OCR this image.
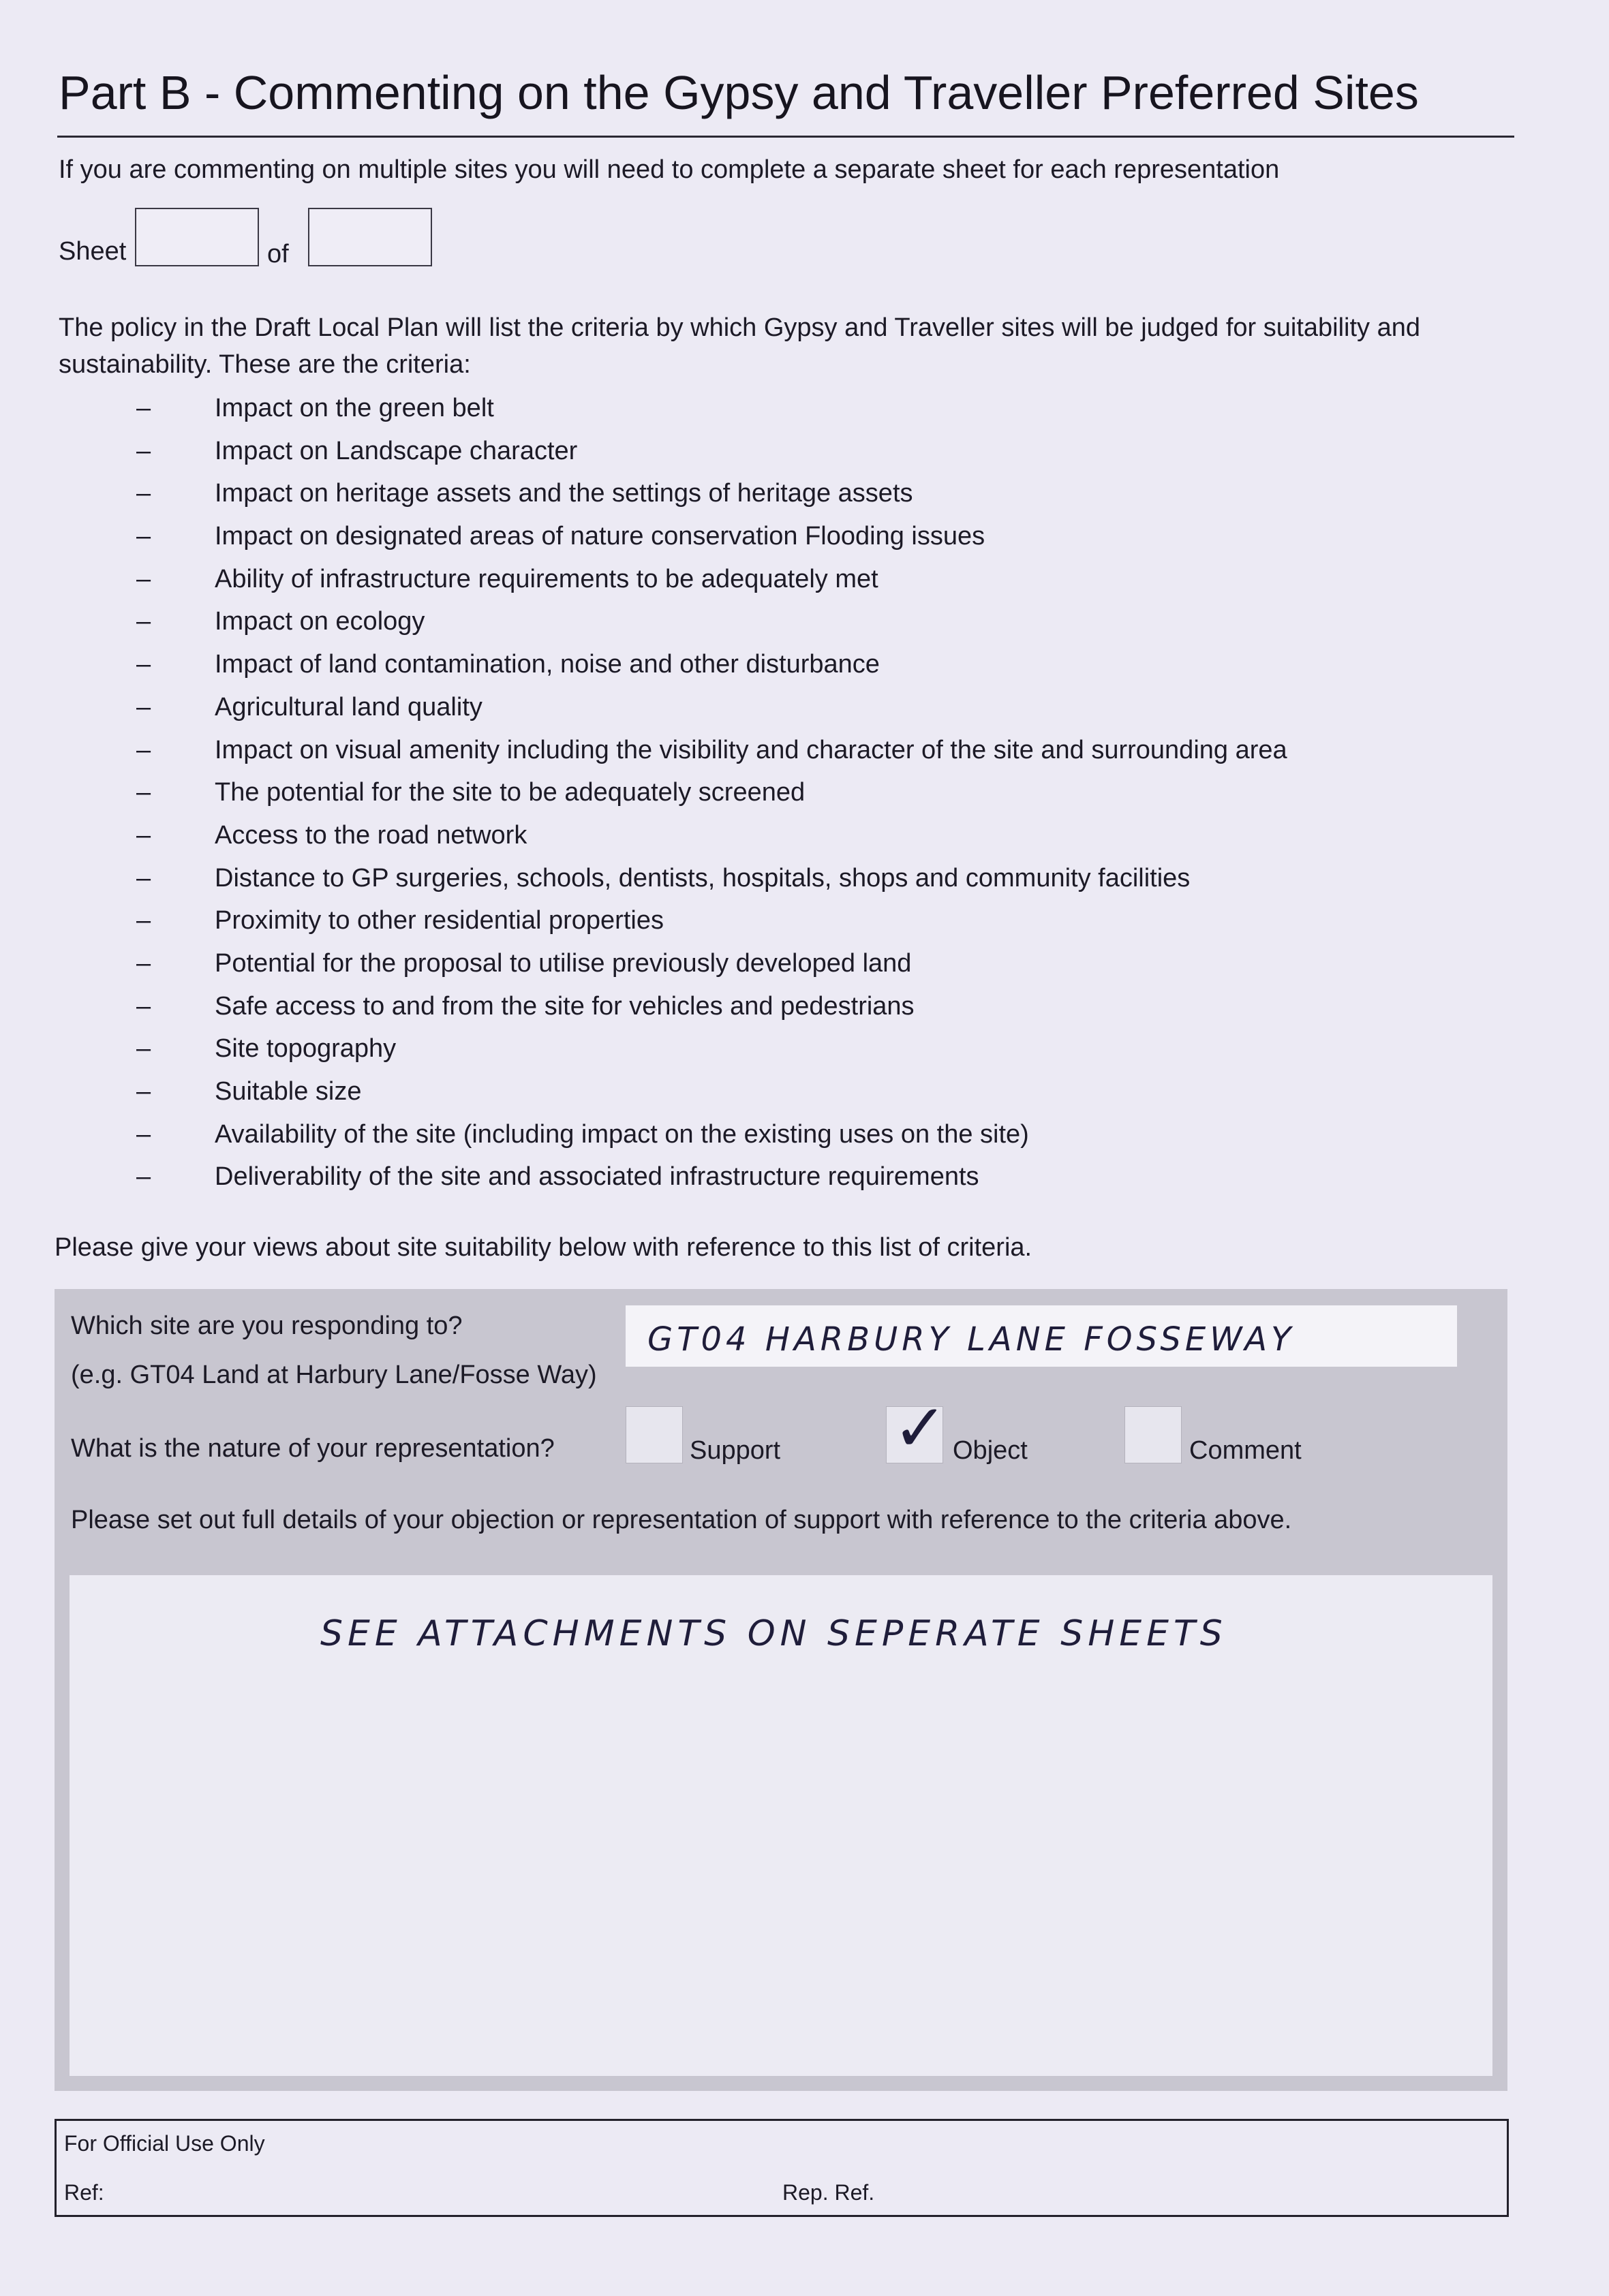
Part B - Commenting on the Gypsy and Traveller Preferred Sites
If you are commenting on multiple sites you will need to complete a separate sheet for each representation
Sheet	of
The policy in the Draft Local Plan will list the criteria by which Gypsy and Traveller sites will be judged for suitability and sustainability. These are the criteria:
– Impact on the green belt
– Impact on Landscape character
– Impact on heritage assets and the settings of heritage assets
– Impact on designated areas of nature conservation Flooding issues
– Ability of infrastructure requirements to be adequately met
– Impact on ecology
– Impact of land contamination, noise and other disturbance
– Agricultural land quality
– Impact on visual amenity including the visibility and character of the site and surrounding area
– The potential for the site to be adequately screened
– Access to the road network
– Distance to GP surgeries, schools, dentists, hospitals, shops and community facilities
– Proximity to other residential properties
– Potential for the proposal to utilise previously developed land
– Safe access to and from the site for vehicles and pedestrians
– Site topography
– Suitable size
– Availability of the site (including impact on the existing uses on the site)
– Deliverability of the site and associated infrastructure requirements
Please give your views about site suitability below with reference to this list of criteria.
Which site are you responding to?
(e.g. GT04 Land at Harbury Lane/Fosse Way)
GT04 HARBURY LANE FOSSEWAY
What is the nature of your representation?	Support ✓ Object	Comment
Please set out full details of your objection or representation of support with reference to the criteria above.
SEE ATTACHMENTS ON SEPERATE SHEETS
For Official Use Only
Ref:	Rep. Ref.
